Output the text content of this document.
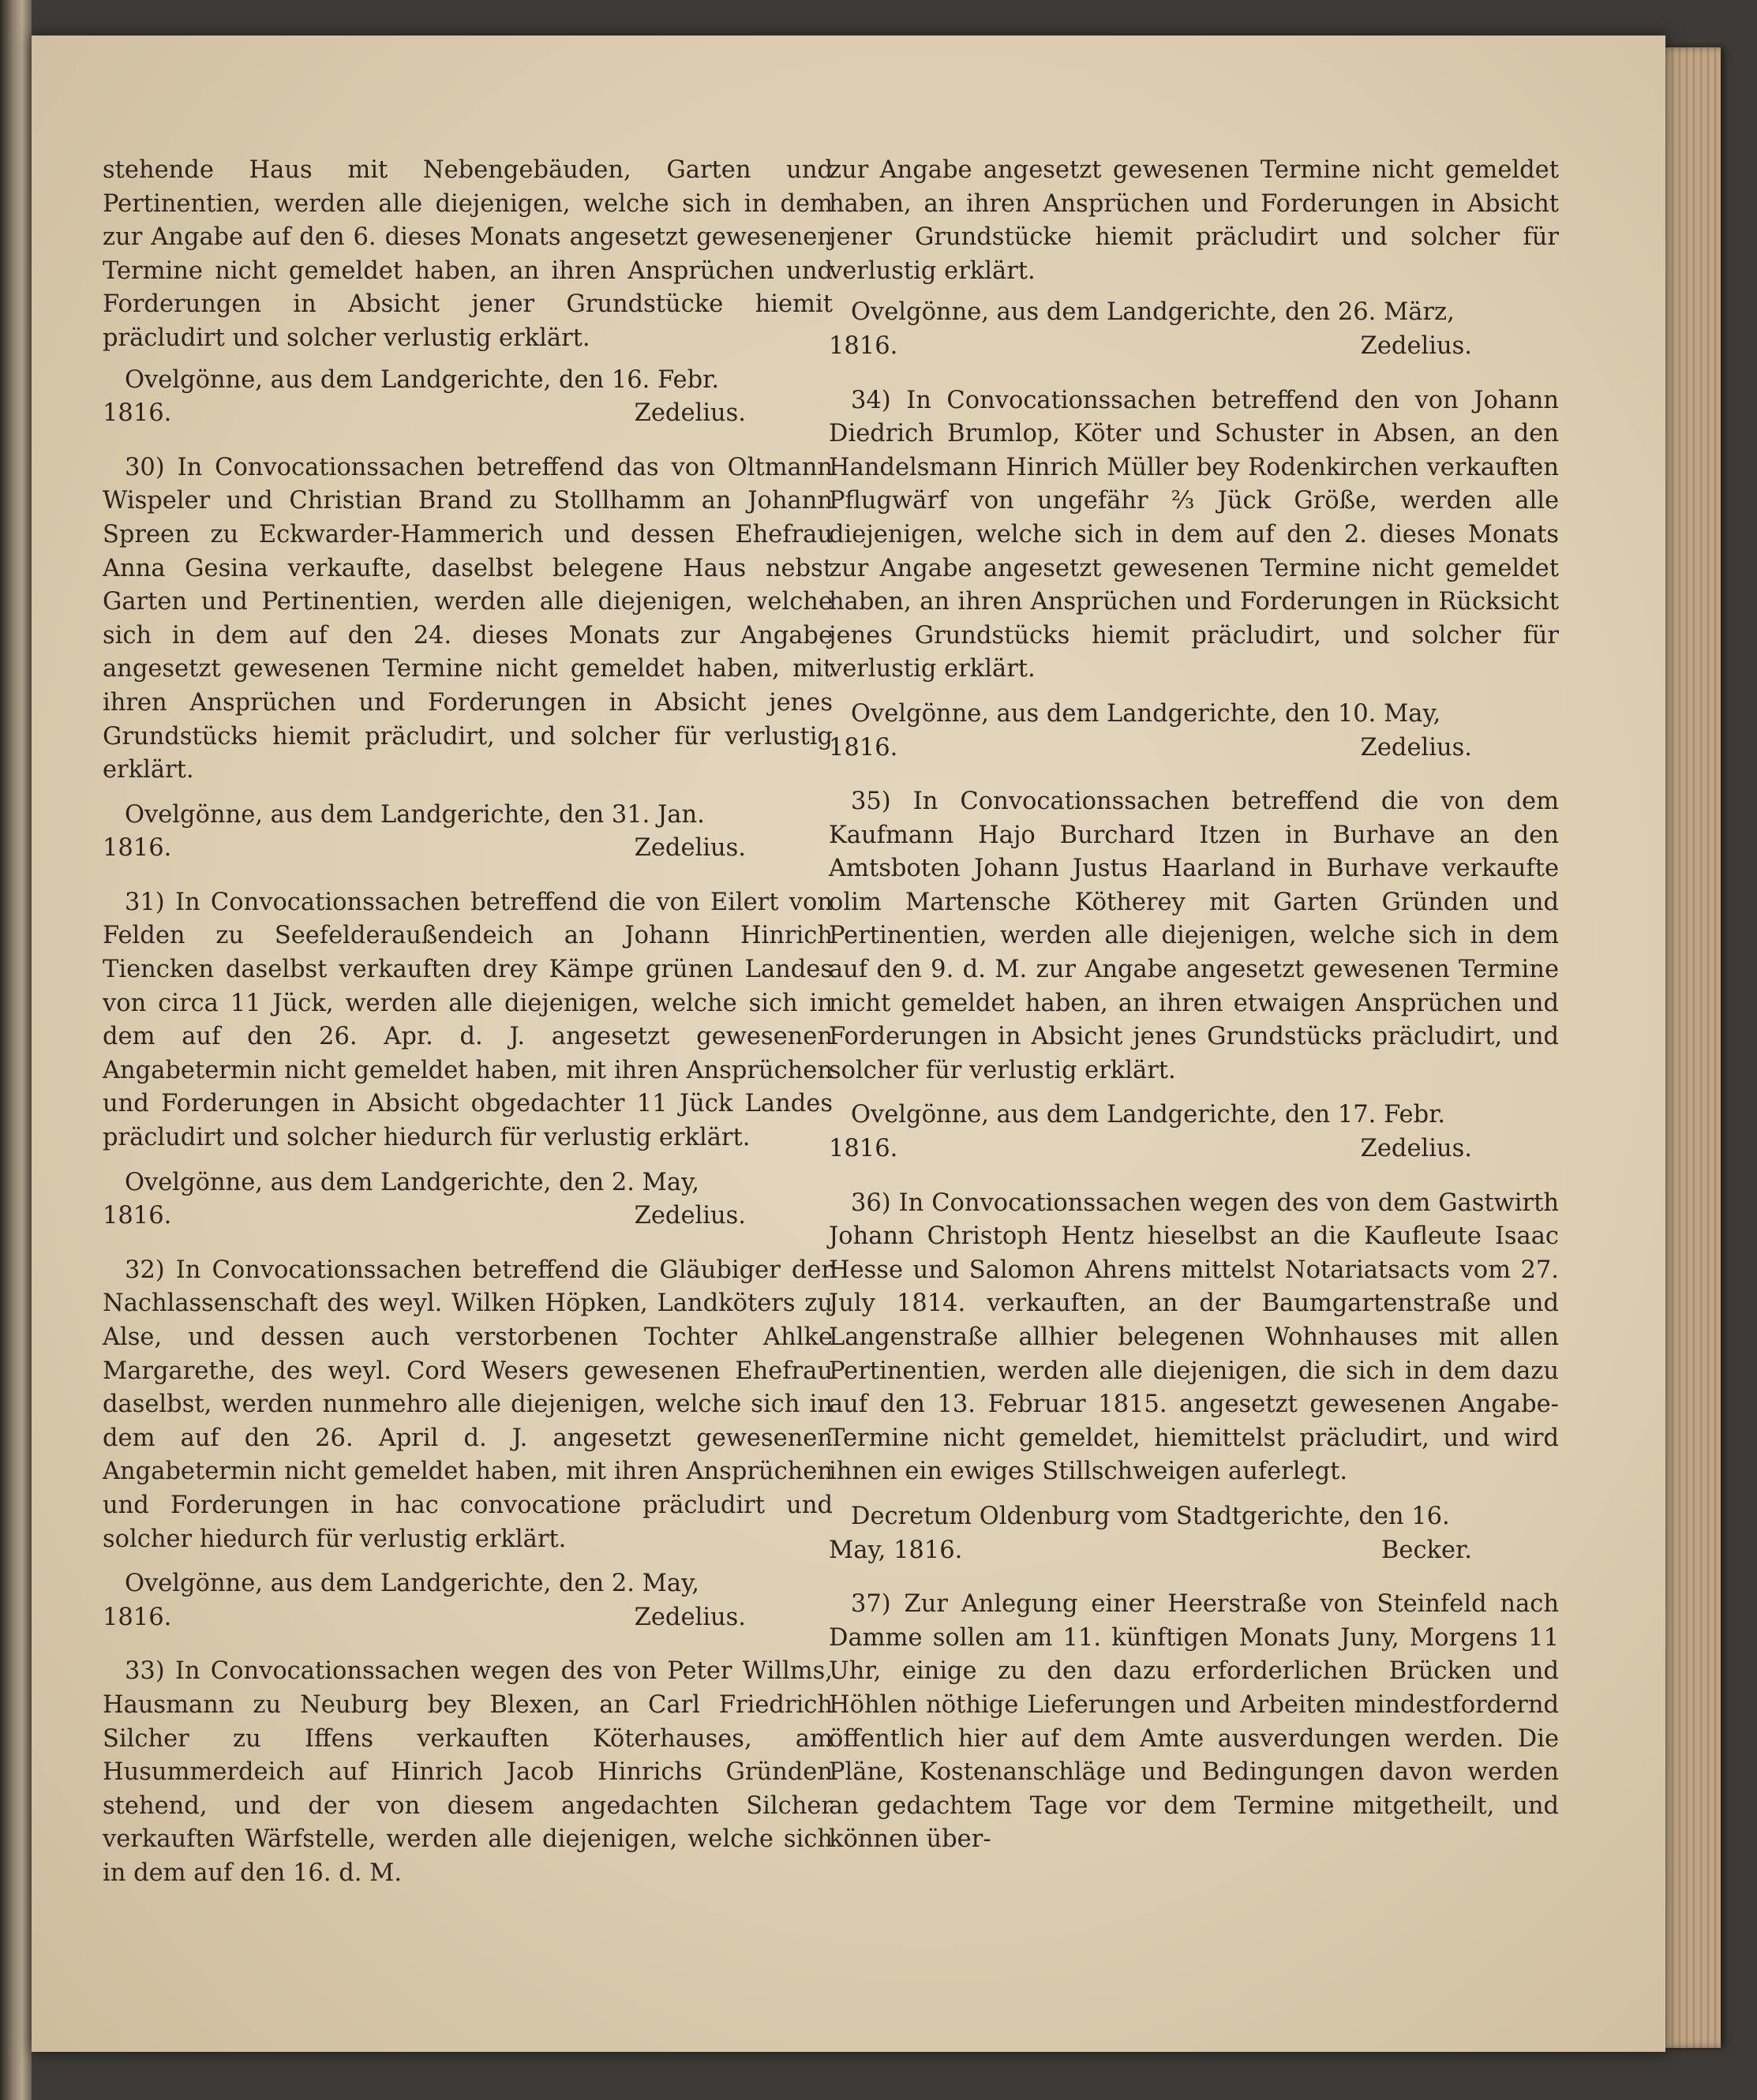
stehende Haus mit Nebengebäuden, Garten und Pertinentien, werden alle diejenigen, welche sich in dem zur Angabe auf den 6. dieses Monats angesetzt gewesenen Termine nicht gemeldet haben, an ihren Ansprüchen und Forderungen in Absicht jener Grundstücke hiemit präcludirt und solcher verlustig erklärt.

Ovelgönne, aus dem Landgerichte, den 16. Febr.

1816.	Zedelius.

30) In Convocationssachen betreffend das von Oltmann Wispeler und Christian Brand zu Stollhamm an Johann Spreen zu Eckwarder-Hammerich und dessen Ehefrau Anna Gesina verkaufte, daselbst belegene Haus nebst Garten und Pertinentien, werden alle diejenigen, welche sich in dem auf den 24. dieses Monats zur Angabe angesetzt gewesenen Termine nicht gemeldet haben, mit ihren Ansprüchen und Forderungen in Absicht jenes Grundstücks hiemit präcludirt, und solcher für verlustig erklärt.

Ovelgönne, aus dem Landgerichte, den 31. Jan.

1816.	Zedelius.

31) In Convocationssachen betreffend die von Eilert von Felden zu Seefelderaußendeich an Johann Hinrich Tiencken daselbst verkauften drey Kämpe grünen Landes von circa 11 Jück, werden alle diejenigen, welche sich in dem auf den 26. Apr. d. J. angesetzt gewesenen Angabetermin nicht gemeldet haben, mit ihren Ansprüchen und Forderungen in Absicht obgedachter 11 Jück Landes präcludirt und solcher hiedurch für verlustig erklärt.

Ovelgönne, aus dem Landgerichte, den 2. May,

1816.	Zedelius.

32) In Convocationssachen betreffend die Gläubiger der Nachlassenschaft des weyl. Wilken Höpken, Landköters zu Alse, und dessen auch verstorbenen Tochter Ahlke Margarethe, des weyl. Cord Wesers gewesenen Ehefrau daselbst, werden nunmehro alle diejenigen, welche sich in dem auf den 26. April d. J. angesetzt gewesenen Angabetermin nicht gemeldet haben, mit ihren Ansprüchen und Forderungen in hac convocatione präcludirt und solcher hiedurch für verlustig erklärt.

Ovelgönne, aus dem Landgerichte, den 2. May,

1816.	Zedelius.

33) In Convocationssachen wegen des von Peter Willms, Hausmann zu Neuburg bey Blexen, an Carl Friedrich Silcher zu Iffens verkauften Köterhauses, am Husummerdeich auf Hinrich Jacob Hinrichs Gründen stehend, und der von diesem angedachten Silcher verkauften Wärfstelle, werden alle diejenigen, welche sich in dem auf den 16. d. M.

zur Angabe angesetzt gewesenen Termine nicht gemeldet haben, an ihren Ansprüchen und Forderungen in Absicht jener Grundstücke hiemit präcludirt und solcher für verlustig erklärt.

Ovelgönne, aus dem Landgerichte, den 26. März,

1816.	Zedelius.

34) In Convocationssachen betreffend den von Johann Diedrich Brumlop, Köter und Schuster in Absen, an den Handelsmann Hinrich Müller bey Rodenkirchen verkauften Pflugwärf von ungefähr ⅔ Jück Größe, werden alle diejenigen, welche sich in dem auf den 2. dieses Monats zur Angabe angesetzt gewesenen Termine nicht gemeldet haben, an ihren Ansprüchen und Forderungen in Rücksicht jenes Grundstücks hiemit präcludirt, und solcher für verlustig erklärt.

Ovelgönne, aus dem Landgerichte, den 10. May,

1816.	Zedelius.

35) In Convocationssachen betreffend die von dem Kaufmann Hajo Burchard Itzen in Burhave an den Amtsboten Johann Justus Haarland in Burhave verkaufte olim Martensche Kötherey mit Garten Gründen und Pertinentien, werden alle diejenigen, welche sich in dem auf den 9. d. M. zur Angabe angesetzt gewesenen Termine nicht gemeldet haben, an ihren etwaigen Ansprüchen und Forderungen in Absicht jenes Grundstücks präcludirt, und solcher für verlustig erklärt.

Ovelgönne, aus dem Landgerichte, den 17. Febr.

1816.	Zedelius.

36) In Convocationssachen wegen des von dem Gastwirth Johann Christoph Hentz hieselbst an die Kaufleute Isaac Hesse und Salomon Ahrens mittelst Notariatsacts vom 27. July 1814. verkauften, an der Baumgartenstraße und Langenstraße allhier belegenen Wohnhauses mit allen Pertinentien, werden alle diejenigen, die sich in dem dazu auf den 13. Februar 1815. angesetzt gewesenen Angabe-Termine nicht gemeldet, hiemittelst präcludirt, und wird ihnen ein ewiges Stillschweigen auferlegt.

Decretum Oldenburg vom Stadtgerichte, den 16.

May, 1816.	Becker.

37) Zur Anlegung einer Heerstraße von Steinfeld nach Damme sollen am 11. künftigen Monats Juny, Morgens 11 Uhr, einige zu den dazu erforderlichen Brücken und Höhlen nöthige Lieferungen und Arbeiten mindestfordernd öffentlich hier auf dem Amte ausverdungen werden. Die Pläne, Kostenanschläge und Bedingungen davon werden an gedachtem Tage vor dem Termine mitgetheilt, und können über-
